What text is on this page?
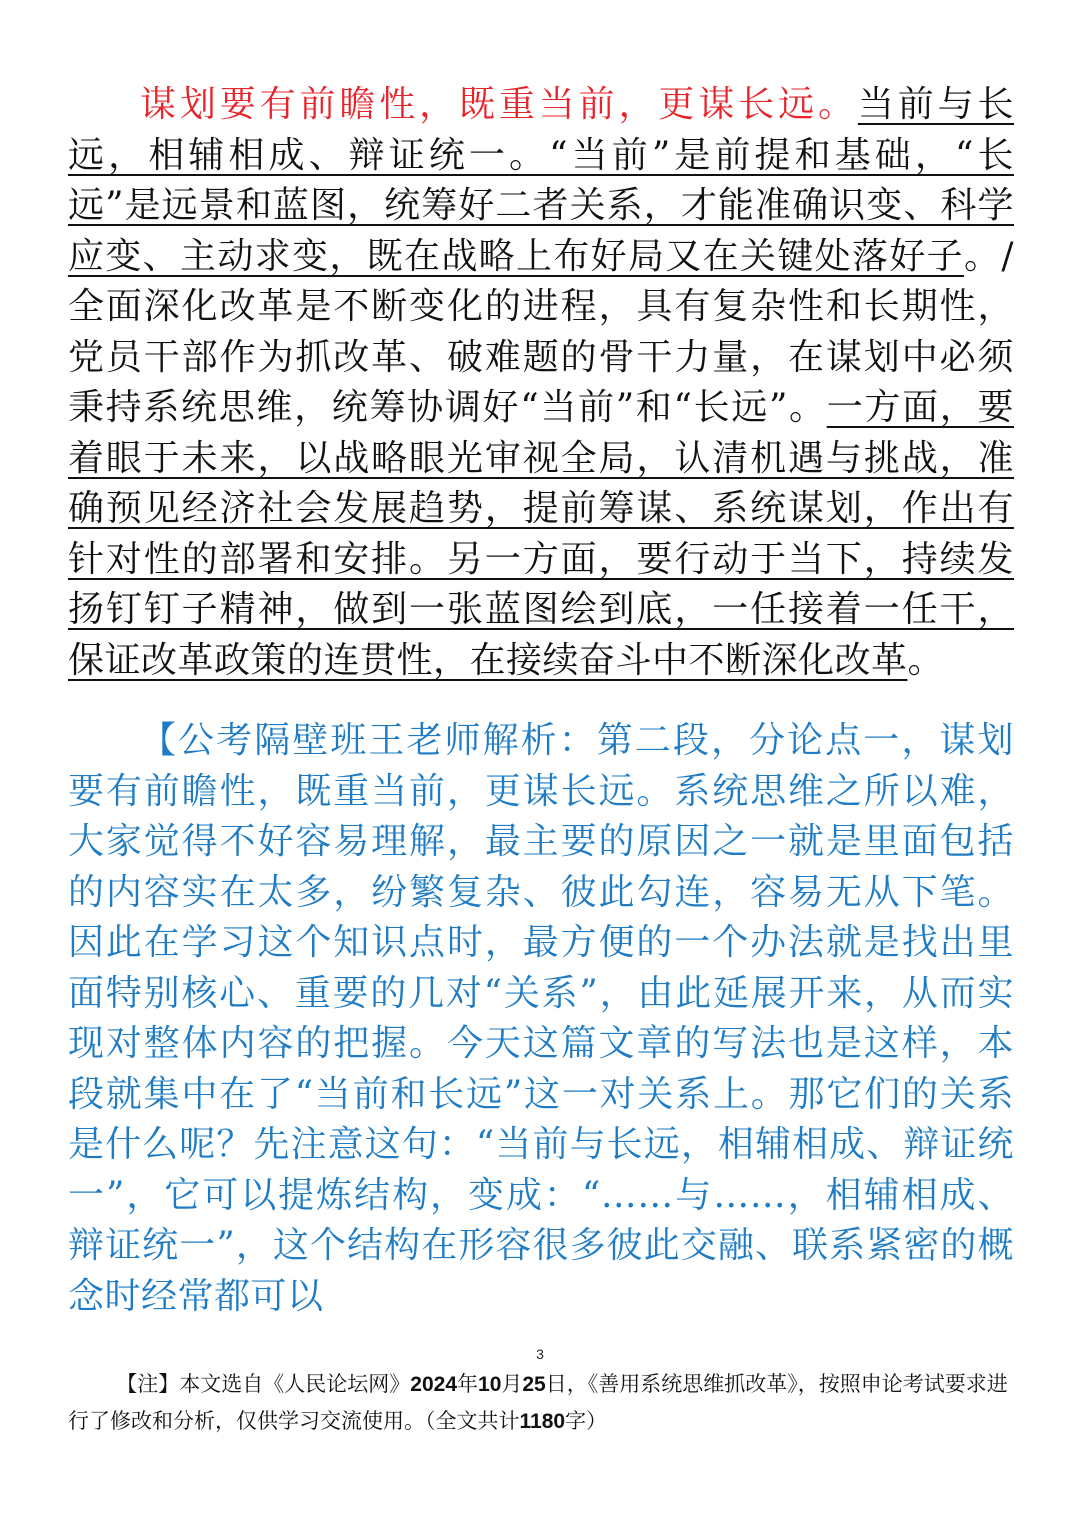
谋划要有前瞻性，既重当前，更谋长远。当前与长远，相辅相成、辩证统一。“当前”是前提和基础，“长远”是远景和蓝图，统筹好二者关系，才能准确识变、科学应变、主动求变，既在战略上布好局又在关键处落好子。/ 全面深化改革是不断变化的进程，具有复杂性和长期性，党员干部作为抓改革、破难题的骨干力量，在谋划中必须秉持系统思维，统筹协调好“当前”和“长远”。一方面，要着眼于未来，以战略眼光审视全局，认清机遇与挑战，准确预见经济社会发展趋势，提前筹谋、系统谋划，作出有针对性的部署和安排。另一方面，要行动于当下，持续发扬钉钉子精神，做到一张蓝图绘到底，一任接着一任干，保证改革政策的连贯性，在接续奋斗中不断深化改革。

【公考隔壁班王老师解析：第二段，分论点一，谋划要有前瞻性，既重当前，更谋长远。系统思维之所以难，大家觉得不好容易理解，最主要的原因之一就是里面包括的内容实在太多，纷繁复杂、彼此勾连，容易无从下笔。因此在学习这个知识点时，最方便的一个办法就是找出里面特别核心、重要的几对“关系”，由此延展开来，从而实现对整体内容的把握。今天这篇文章的写法也是这样，本段就集中在了“当前和长远”这一对关系上。那它们的关系是什么呢？先注意这句：“当前与长远，相辅相成、辩证统一”，它可以提炼结构，变成：“……与……，相辅相成、辩证统一”，这个结构在形容很多彼此交融、联系紧密的概念时经常都可以

3

【注】本文选自《人民论坛网》2024年10月25日，《善用系统思维抓改革》，按照申论考试要求进行了修改和分析，仅供学习交流使用。（全文共计1180字）
